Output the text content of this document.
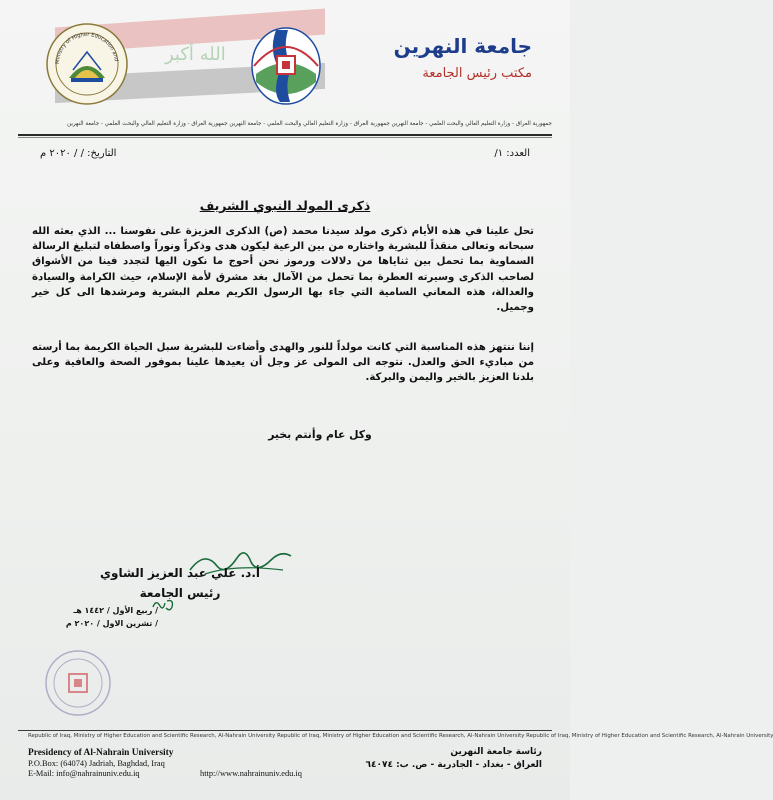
الله أكبر
Ministry of Higher Education and
جامعة النهرين
مكتب رئيس الجامعة
جمهورية العراق - وزارة التعليم العالي والبحث العلمي - جامعة النهرين جمهورية العراق - وزارة التعليم العالي والبحث العلمي - جامعة النهرين جمهورية العراق - وزارة التعليم العالي والبحث العلمي - جامعة النهرين
العدد: ١/
التاريخ: / / ٢٠٢٠ م
ذكرى المولد النبوي الشريف
تحل علينا في هذه الأيام ذكرى مولد سيدنا محمد (ص) الذكرى العزيزة على نفوسنا ... الذي بعثه الله سبحانه وتعالى منقذاً للبشرية واختاره من بين الرعية ليكون هدى وذكراً ونوراً واصطفاه لتبليغ الرسالة السماوية بما تحمل بين ثناياها من دلالات ورموز نحن أحوج ما نكون اليها لتجدد فينا من الأشواق لصاحب الذكرى وسيرته العطرة بما تحمل من الآمال بغد مشرق لأمة الإسلام، حيث الكرامة والسيادة والعدالة، هذه المعاني السامية التي جاء بها الرسول الكريم معلم البشرية ومرشدها الى كل خير وجميل.
إننا ننتهز هذه المناسبة التي كانت مولداً للنور والهدى وأضاءت للبشرية سبل الحياة الكريمة بما أرسته من مباديء الحق والعدل. نتوجه الى المولى عز وجل أن يعيدها علينا بموفور الصحة والعافية وعلى بلدنا العزيز بالخير واليمن والبركة.
وكل عام وأنتم بخير
أ.د. علي عبد العزيز الشاوي
رئيس الجامعة
/ ربيع الأول / ١٤٤٢ هـ
/ تشرين الاول / ٢٠٢٠ م
Republic of Iraq, Ministry of Higher Education and Scientific Research, Al-Nahrain University Republic of Iraq, Ministry of Higher Education and Scientific Research, Al-Nahrain University Republic of Iraq, Ministry of Higher Education and Scientific Research, Al-Nahrain University
Presidency of Al-Nahrain University
P.O.Box: (64074) Jadriah, Baghdad, Iraq
E-Mail: info@nahrainuniv.edu.iq	http://www.nahrainuniv.edu.iq
رئاسة جامعة النهرين
العراق - بغداد - الجادرية - ص. ب: ٦٤٠٧٤
